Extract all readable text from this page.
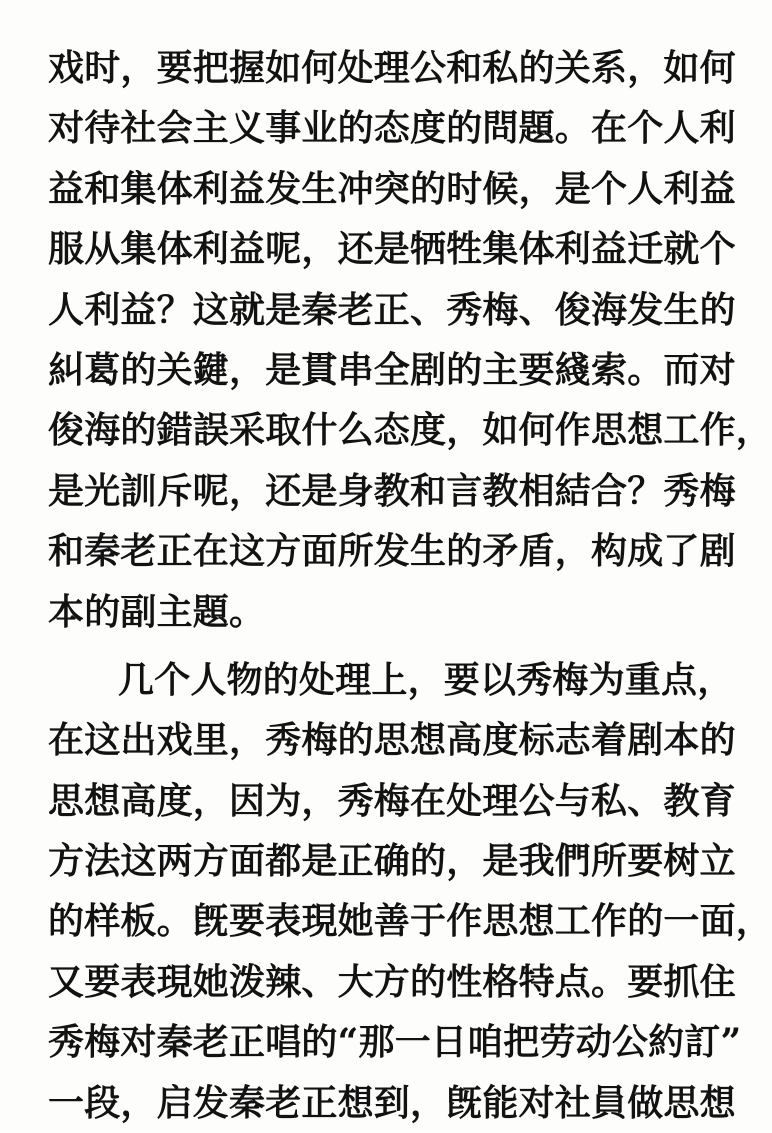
戏时，要把握如何处理公和私的关系，如何
对待社会主义事业的态度的問題。在个人利
益和集体利益发生冲突的时候，是个人利益
服从集体利益呢，还是牺牲集体利益迁就个
人利益？这就是秦老正、秀梅、俊海发生的
糾葛的关鍵，是貫串全剧的主要綫索。而对
俊海的錯誤采取什么态度，如何作思想工作，
是光訓斥呢，还是身教和言教相結合？秀梅
和秦老正在这方面所发生的矛盾，构成了剧
本的副主題。
几个人物的处理上，要以秀梅为重点，
在这出戏里，秀梅的思想高度标志着剧本的
思想高度，因为，秀梅在处理公与私、教育
方法这两方面都是正确的，是我們所要树立
的样板。旣要表現她善于作思想工作的一面，
又要表現她泼辣、大方的性格特点。要抓住
秀梅对秦老正唱的“那一日咱把劳动公約訂”
一段，启发秦老正想到，旣能对社員做思想
